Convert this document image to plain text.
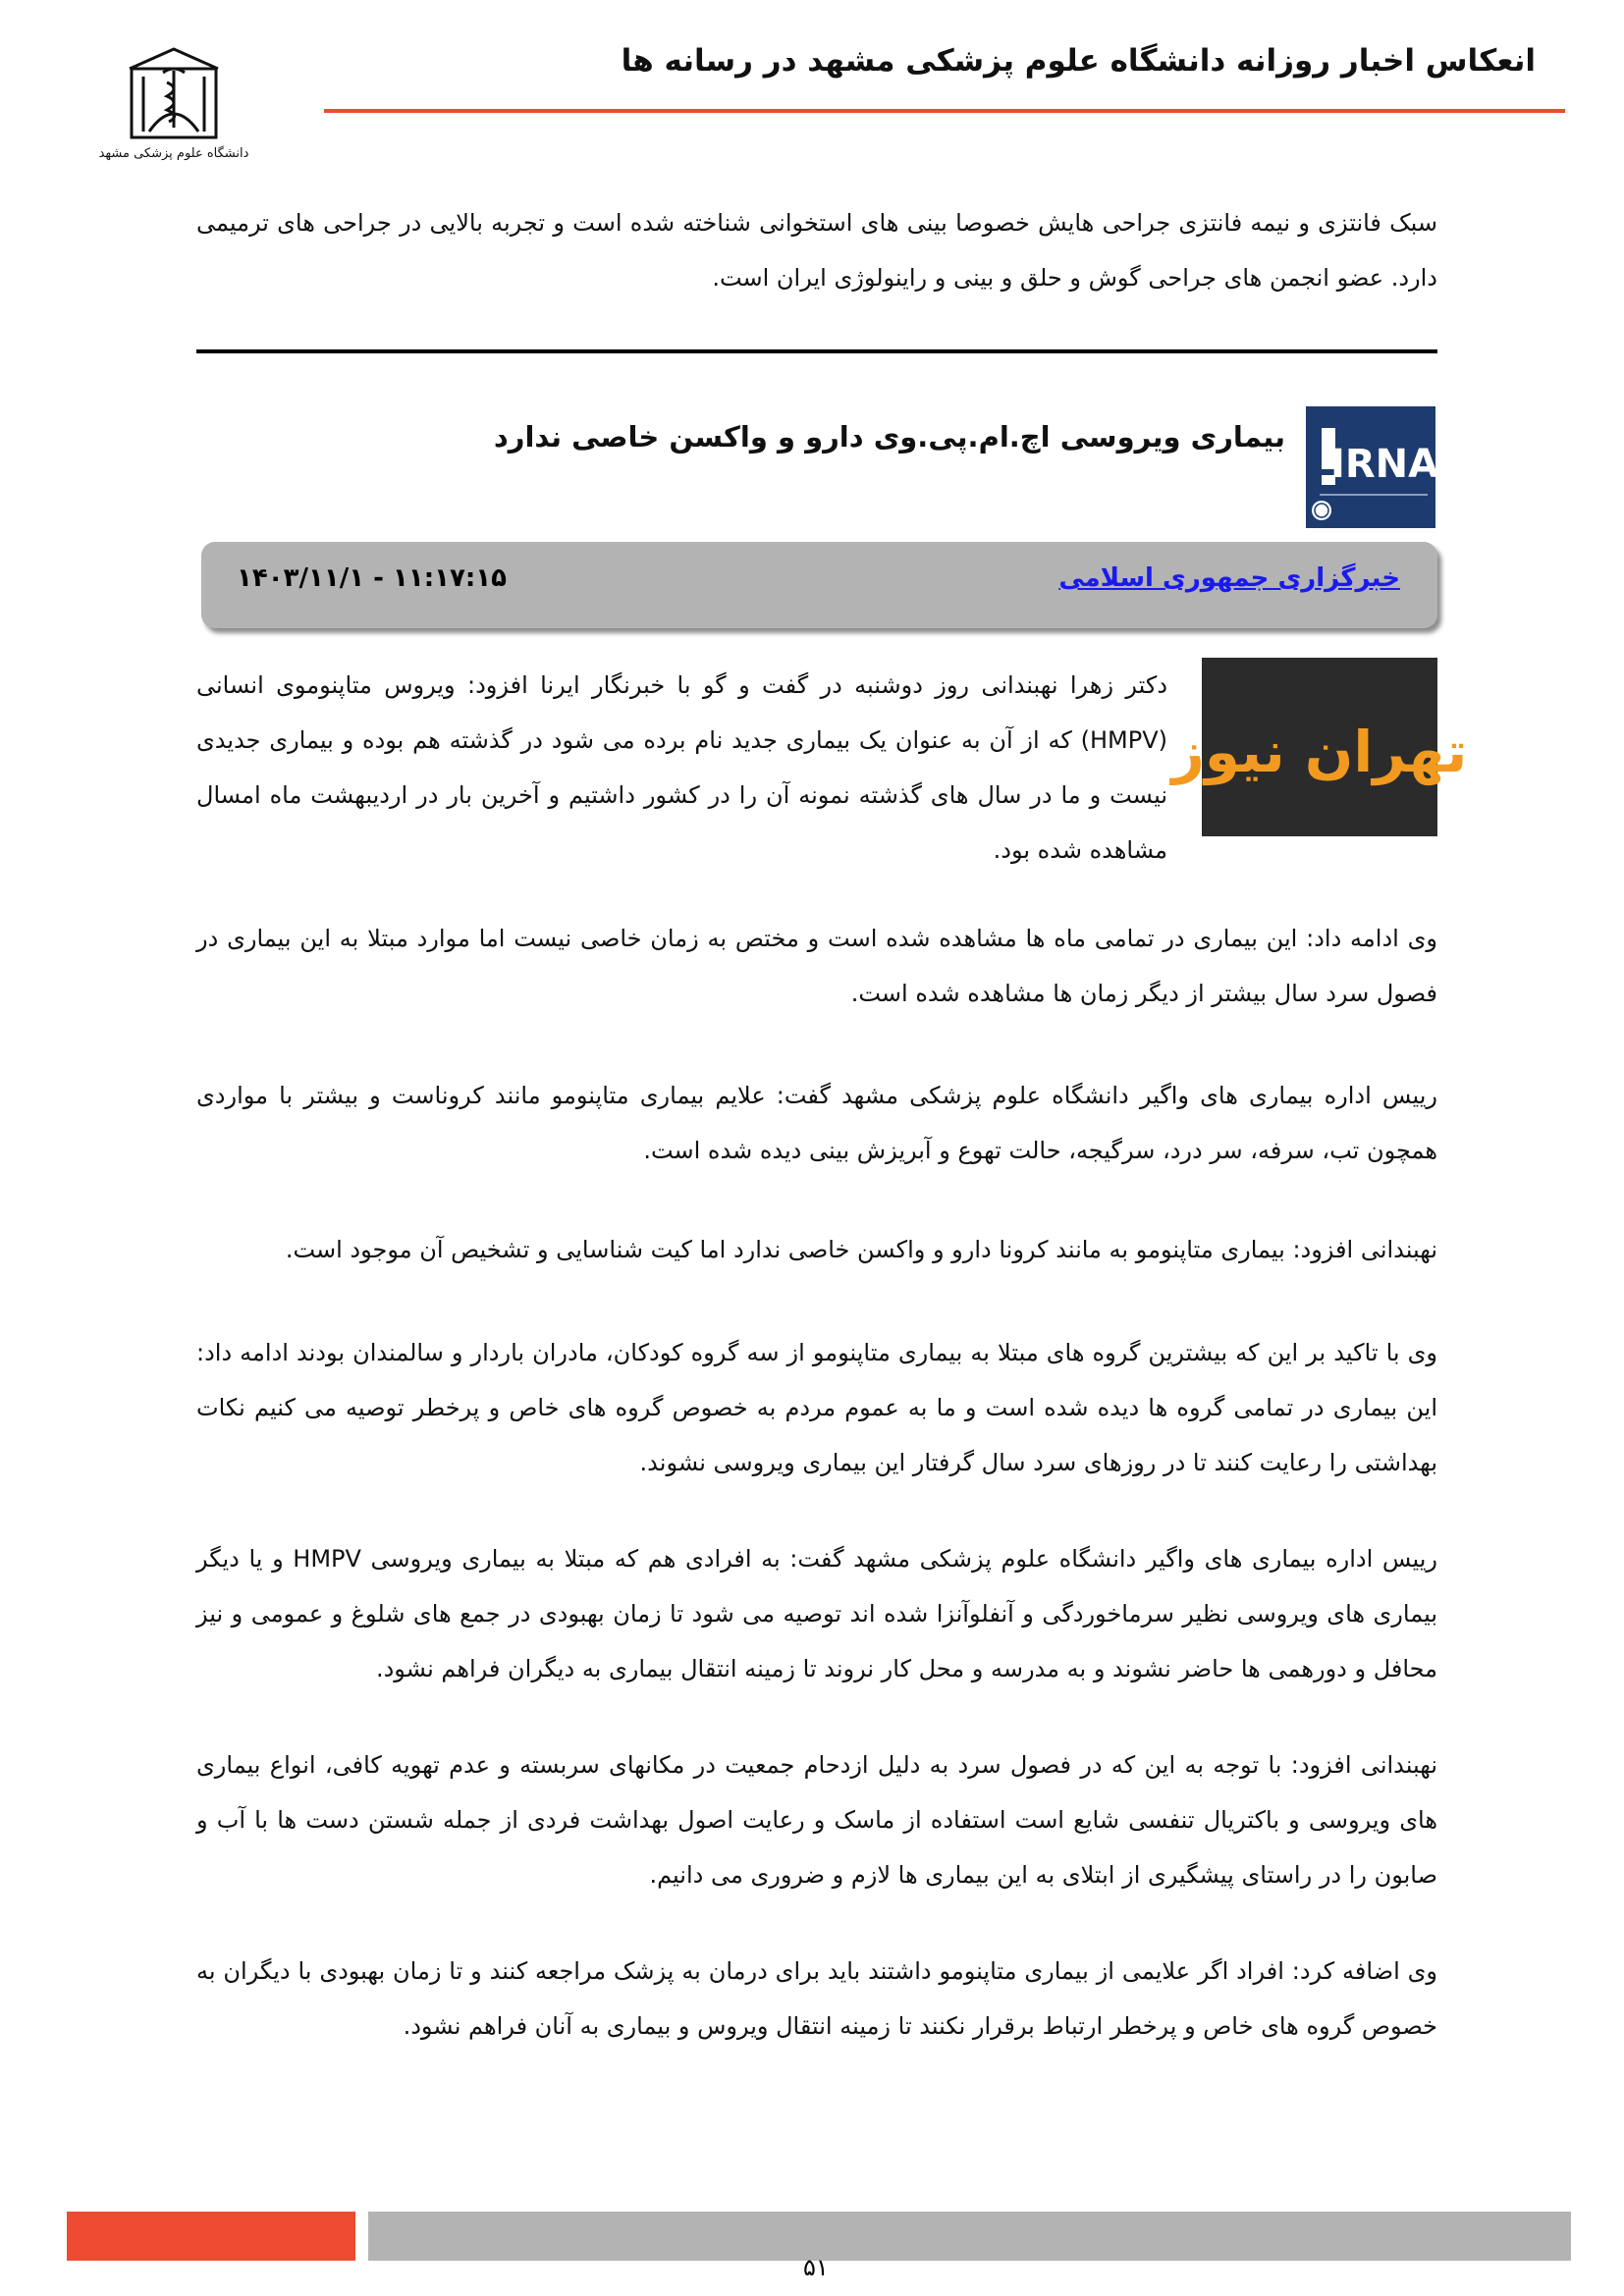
انعکاس اخبار روزانه دانشگاه علوم پزشکی مشهد در رسانه ها
دانشگاه علوم پزشکی مشهد
سبک فانتزی و نیمه فانتزی جراحی هایش خصوصا بینی های استخوانی شناخته شده است و تجربه بالایی در جراحی های ترمیمی دارد. عضو انجمن های جراحی گوش و حلق و بینی و راینولوژی ایران است.
IRNA
بیماری ویروسی اچ.ام.پی.وی دارو و واکسن خاصی ندارد
خبرگزاری جمهوری اسلامی
۱۴۰۳/۱۱/۱ - ۱۱:۱۷:۱۵
تهران نیوز
دکتر زهرا نهبندانی روز دوشنبه در گفت و گو با خبرنگار ایرنا افزود: ویروس متاپنوموی انسانی (HMPV) که از آن به عنوان یک بیماری جدید نام برده می شود در گذشته هم بوده و بیماری جدیدی نیست و ما در سال های گذشته نمونه آن را در کشور داشتیم و آخرین بار در اردیبهشت ماه امسال مشاهده شده بود.
وی ادامه داد: این بیماری در تمامی ماه ها مشاهده شده است و مختص به زمان خاصی نیست اما موارد مبتلا به این بیماری در فصول سرد سال بیشتر از دیگر زمان ها مشاهده شده است.
رییس اداره بیماری های واگیر دانشگاه علوم پزشکی مشهد گفت: علایم بیماری متاپنومو مانند کروناست و بیشتر با مواردی همچون تب، سرفه، سر درد، سرگیجه، حالت تهوع و آبریزش بینی دیده شده است.
نهبندانی افزود: بیماری متاپنومو به مانند کرونا دارو و واکسن خاصی ندارد اما کیت شناسایی و تشخیص آن موجود است.
وی با تاکید بر این که بیشترین گروه های مبتلا به بیماری متاپنومو از سه گروه کودکان، مادران باردار و سالمندان بودند ادامه داد: این بیماری در تمامی گروه ها دیده شده است و ما به عموم مردم به خصوص گروه های خاص و پرخطر توصیه می کنیم نکات بهداشتی را رعایت کنند تا در روزهای سرد سال گرفتار این بیماری ویروسی نشوند.
رییس اداره بیماری های واگیر دانشگاه علوم پزشکی مشهد گفت: به افرادی هم که مبتلا به بیماری ویروسی HMPV و یا دیگر بیماری های ویروسی نظیر سرماخوردگی و آنفلوآنزا شده اند توصیه می شود تا زمان بهبودی در جمع های شلوغ و عمومی و نیز محافل و دورهمی ها حاضر نشوند و به مدرسه و محل کار نروند تا زمینه انتقال بیماری به دیگران فراهم نشود.
نهبندانی افزود: با توجه به این که در فصول سرد به دلیل ازدحام جمعیت در مکانهای سربسته و عدم تهویه کافی، انواع بیماری های ویروسی و باکتریال تنفسی شایع است استفاده از ماسک و رعایت اصول بهداشت فردی از جمله شستن دست ها با آب و صابون را در راستای پیشگیری از ابتلای به این بیماری ها لازم و ضروری می دانیم.
وی اضافه کرد: افراد اگر علایمی از بیماری متاپنومو داشتند باید برای درمان به پزشک مراجعه کنند و تا زمان بهبودی با دیگران به خصوص گروه های خاص و پرخطر ارتباط برقرار نکنند تا زمینه انتقال ویروس و بیماری به آنان فراهم نشود.
۵۱
